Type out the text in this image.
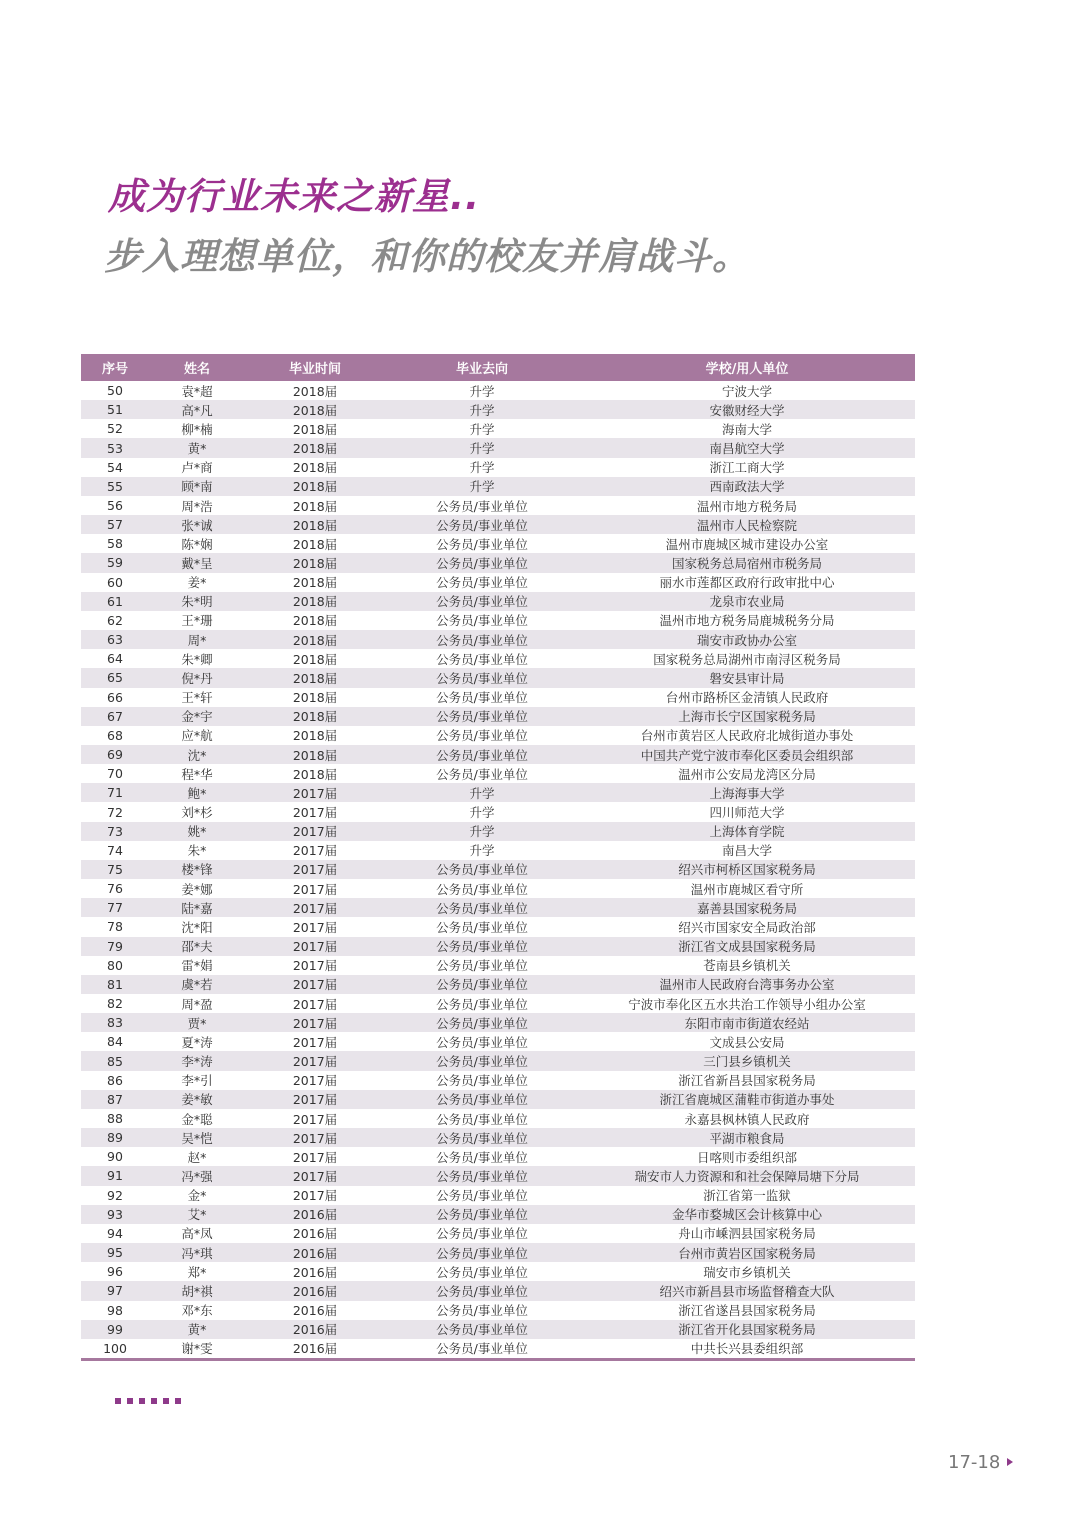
成为行业未来之新星..
步入理想单位，和你的校友并肩战斗。
序号	姓名	毕业时间	毕业去向	学校/用人单位
50	袁*超	2018届	升学	宁波大学
51	高*凡	2018届	升学	安徽财经大学
52	柳*楠	2018届	升学	海南大学
53	黄*	2018届	升学	南昌航空大学
54	卢*商	2018届	升学	浙江工商大学
55	顾*南	2018届	升学	西南政法大学
56	周*浩	2018届	公务员/事业单位	温州市地方税务局
57	张*诚	2018届	公务员/事业单位	温州市人民检察院
58	陈*娴	2018届	公务员/事业单位	温州市鹿城区城市建设办公室
59	戴*呈	2018届	公务员/事业单位	国家税务总局宿州市税务局
60	姜*	2018届	公务员/事业单位	丽水市莲都区政府行政审批中心
61	朱*明	2018届	公务员/事业单位	龙泉市农业局
62	王*珊	2018届	公务员/事业单位	温州市地方税务局鹿城税务分局
63	周*	2018届	公务员/事业单位	瑞安市政协办公室
64	朱*卿	2018届	公务员/事业单位	国家税务总局湖州市南浔区税务局
65	倪*丹	2018届	公务员/事业单位	磐安县审计局
66	王*轩	2018届	公务员/事业单位	台州市路桥区金清镇人民政府
67	金*宇	2018届	公务员/事业单位	上海市长宁区国家税务局
68	应*航	2018届	公务员/事业单位	台州市黄岩区人民政府北城街道办事处
69	沈*	2018届	公务员/事业单位	中国共产党宁波市奉化区委员会组织部
70	程*华	2018届	公务员/事业单位	温州市公安局龙湾区分局
71	鲍*	2017届	升学	上海海事大学
72	刘*杉	2017届	升学	四川师范大学
73	姚*	2017届	升学	上海体育学院
74	朱*	2017届	升学	南昌大学
75	楼*锋	2017届	公务员/事业单位	绍兴市柯桥区国家税务局
76	姜*娜	2017届	公务员/事业单位	温州市鹿城区看守所
77	陆*嘉	2017届	公务员/事业单位	嘉善县国家税务局
78	沈*阳	2017届	公务员/事业单位	绍兴市国家安全局政治部
79	邵*夫	2017届	公务员/事业单位	浙江省文成县国家税务局
80	雷*娟	2017届	公务员/事业单位	苍南县乡镇机关
81	虞*若	2017届	公务员/事业单位	温州市人民政府台湾事务办公室
82	周*盈	2017届	公务员/事业单位	宁波市奉化区五水共治工作领导小组办公室
83	贾*	2017届	公务员/事业单位	东阳市南市街道农经站
84	夏*涛	2017届	公务员/事业单位	文成县公安局
85	李*涛	2017届	公务员/事业单位	三门县乡镇机关
86	李*引	2017届	公务员/事业单位	浙江省新昌县国家税务局
87	姜*敏	2017届	公务员/事业单位	浙江省鹿城区蒲鞋市街道办事处
88	金*聪	2017届	公务员/事业单位	永嘉县枫林镇人民政府
89	吴*恺	2017届	公务员/事业单位	平湖市粮食局
90	赵*	2017届	公务员/事业单位	日喀则市委组织部
91	冯*强	2017届	公务员/事业单位	瑞安市人力资源和和社会保障局塘下分局
92	金*	2017届	公务员/事业单位	浙江省第一监狱
93	艾*	2016届	公务员/事业单位	金华市婺城区会计核算中心
94	高*凤	2016届	公务员/事业单位	舟山市嵊泗县国家税务局
95	冯*琪	2016届	公务员/事业单位	台州市黄岩区国家税务局
96	郑*	2016届	公务员/事业单位	瑞安市乡镇机关
97	胡*祺	2016届	公务员/事业单位	绍兴市新昌县市场监督稽查大队
98	邓*东	2016届	公务员/事业单位	浙江省遂昌县国家税务局
99	黄*	2016届	公务员/事业单位	浙江省开化县国家税务局
100	谢*雯	2016届	公务员/事业单位	中共长兴县委组织部
17-18
